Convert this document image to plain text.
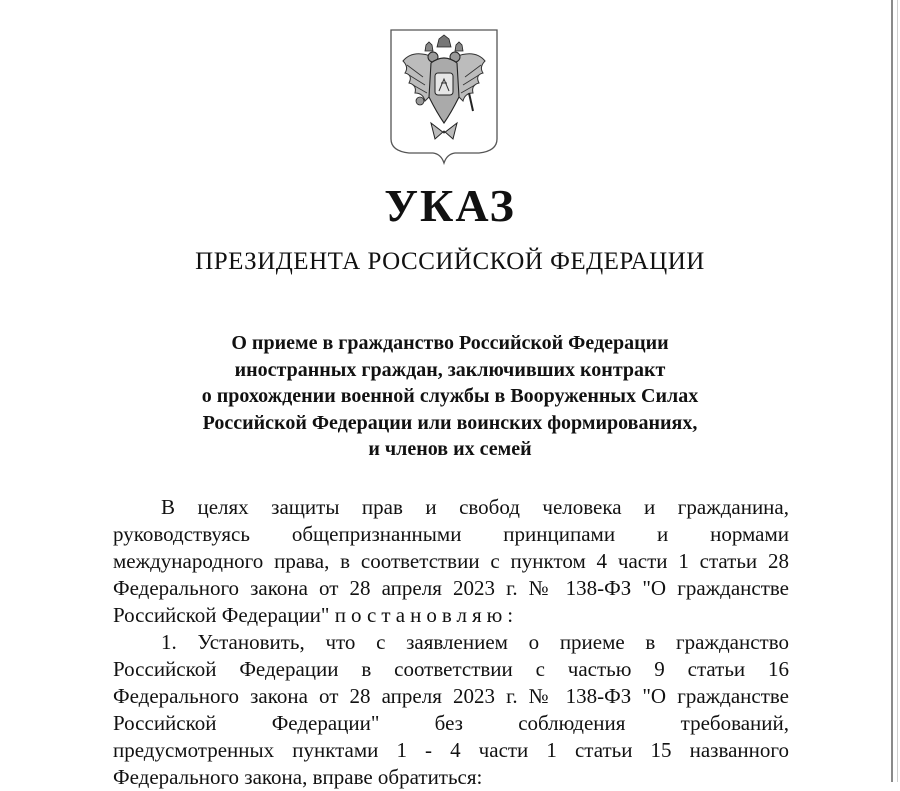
УКАЗ
ПРЕЗИДЕНТА РОССИЙСКОЙ ФЕДЕРАЦИИ
О приеме в гражданство Российской Федерации
иностранных граждан, заключивших контракт
о прохождении военной службы в Вооруженных Силах
Российской Федерации или воинских формированиях,
и членов их семей
В целях защиты прав и свобод человека и гражданина,
руководствуясь общепризнанными принципами и нормами
международного права, в соответствии с пунктом 4 части 1 статьи 28
Федерального закона от 28 апреля 2023 г. № 138-ФЗ "О гражданстве
Российской Федерации" постановляю:
1. Установить, что с заявлением о приеме в гражданство
Российской Федерации в соответствии с частью 9 статьи 16
Федерального закона от 28 апреля 2023 г. № 138-ФЗ "О гражданстве
Российской Федерации" без соблюдения требований,
предусмотренных пунктами 1 - 4 части 1 статьи 15 названного
Федерального закона, вправе обратиться:
